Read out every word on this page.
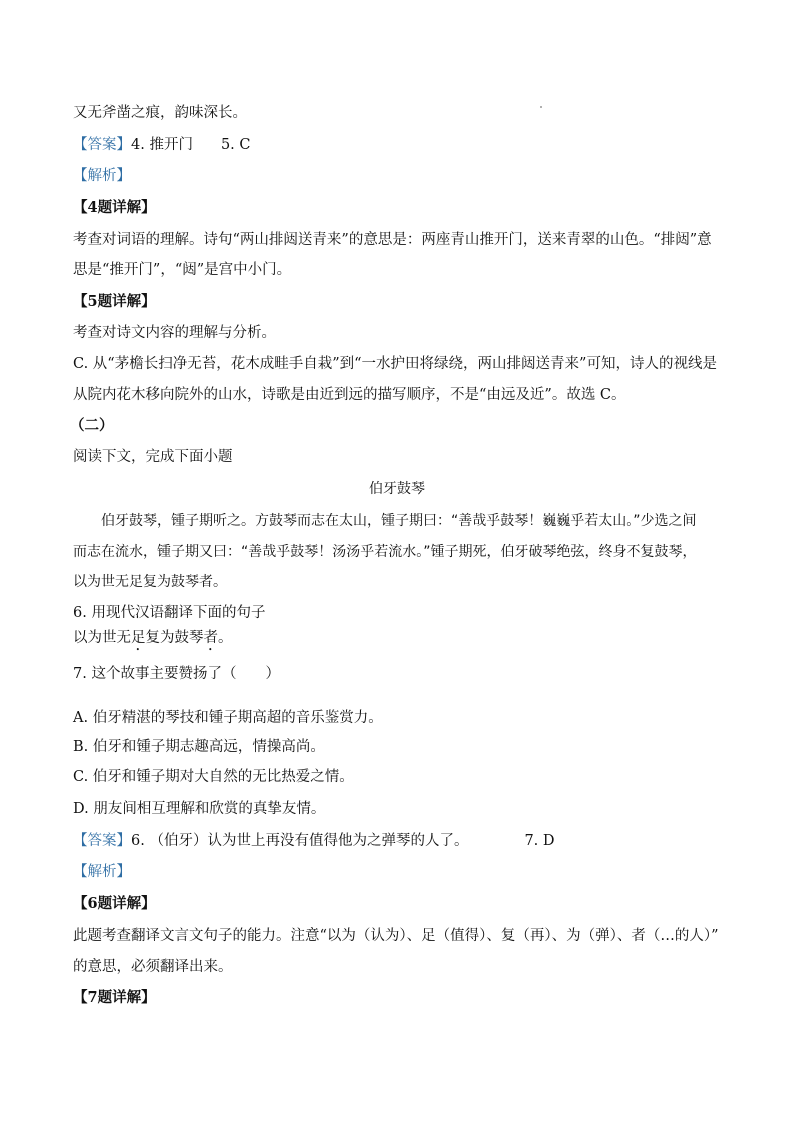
又无斧凿之痕，韵味深长。
【答案】4. 推开门 5. C
【解析】
【4题详解】
考查对词语的理解。诗句“两山排闼送青来”的意思是：两座青山推开门，送来青翠的山色。“排闼”意
思是“推开门”，“闼”是宫中小门。
【5题详解】
考查对诗文内容的理解与分析。
C. 从“茅檐长扫净无苔，花木成畦手自栽”到“一水护田将绿绕，两山排闼送青来”可知，诗人的视线是
从院内花木移向院外的山水，诗歌是由近到远的描写顺序，不是“由远及近”。故选 C。
（二）
阅读下文，完成下面小题
伯牙鼓琴
伯牙鼓琴，锺子期听之。方鼓琴而志在太山，锺子期曰：“善哉乎鼓琴！巍巍乎若太山。”少选之间
而志在流水，锺子期又曰：“善哉乎鼓琴！汤汤乎若流水。”锺子期死，伯牙破琴绝弦，终身不复鼓琴，
以为世无足复为鼓琴者。
6. 用现代汉语翻译下面的句子
以为世无足复为鼓琴者。
7. 这个故事主要赞扬了（　　）
A. 伯牙精湛的琴技和锺子期高超的音乐鉴赏力。
B. 伯牙和锺子期志趣高远，情操高尚。
C. 伯牙和锺子期对大自然的无比热爱之情。
D. 朋友间相互理解和欣赏的真挚友情。
【答案】6. （伯牙）认为世上再没有值得他为之弹琴的人了。	7. D
【解析】
【6题详解】
此题考查翻译文言文句子的能力。注意“以为（认为）、足（值得）、复（再）、为（弹）、者（…的人）”
的意思，必须翻译出来。
【7题详解】
